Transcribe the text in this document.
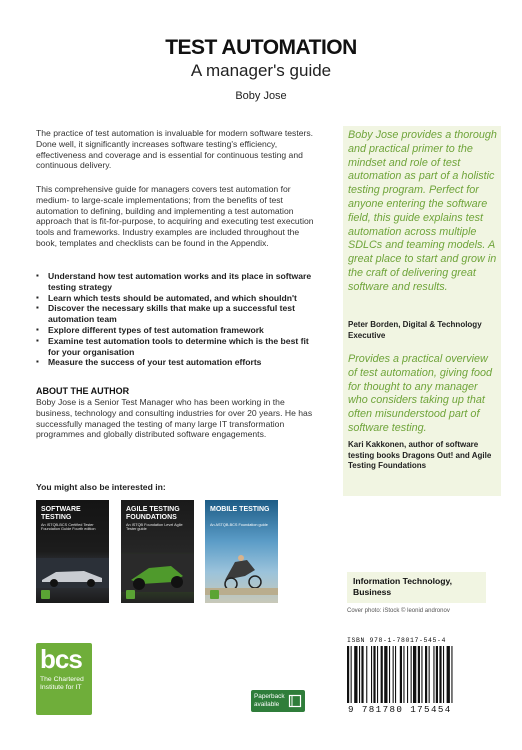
TEST AUTOMATION
A manager's guide
Boby Jose
The practice of test automation is invaluable for modern software testers. Done well, it significantly increases software testing's efficiency, effectiveness and coverage and is essential for continuous testing and continuous delivery.
This comprehensive guide for managers covers test automation for medium- to large-scale implementations; from the benefits of test automation to defining, building and implementing a test automation approach that is fit-for-purpose, to acquiring and executing test execution tools and frameworks. Industry examples are included throughout the book, templates and checklists can be found in the Appendix.
▪ Understand how test automation works and its place in software testing strategy
▪ Learn which tests should be automated, and which shouldn't
▪ Discover the necessary skills that make up a successful test automation team
▪ Explore different types of test automation framework
▪ Examine test automation tools to determine which is the best fit for your organisation
▪ Measure the success of your test automation efforts
ABOUT THE AUTHOR
Boby Jose is a Senior Test Manager who has been working in the business, technology and consulting industries for over 20 years. He has successfully managed the testing of many large IT transformation programmes and globally distributed software engagements.
You might also be interested in:
SOFTWARE TESTING
An ISTQB-BCS Certified Tester Foundation Guide Fourth edition
AGILE TESTING FOUNDATIONS
An ISTQB Foundation Level Agile Tester guide
MOBILE TESTING
An ASTQB-BCS Foundation guide
Boby Jose provides a thorough and practical primer to the mindset and role of test automation as part of a holistic testing program. Perfect for anyone entering the software field, this guide explains test automation across multiple SDLCs and teaming models. A great place to start and grow in the craft of delivering great software and results.
Peter Borden, Digital & Technology Executive
Provides a practical overview of test automation, giving food for thought to any manager who considers taking up that often misunderstood part of software testing.
Kari Kakkonen, author of software testing books Dragons Out! and Agile Testing Foundations
Information Technology, Business
Cover photo: iStock © leonid andronov
ISBN 978-1-78017-545-4
9 781780 175454
bcs
The Chartered Institute for IT
Paperback available
